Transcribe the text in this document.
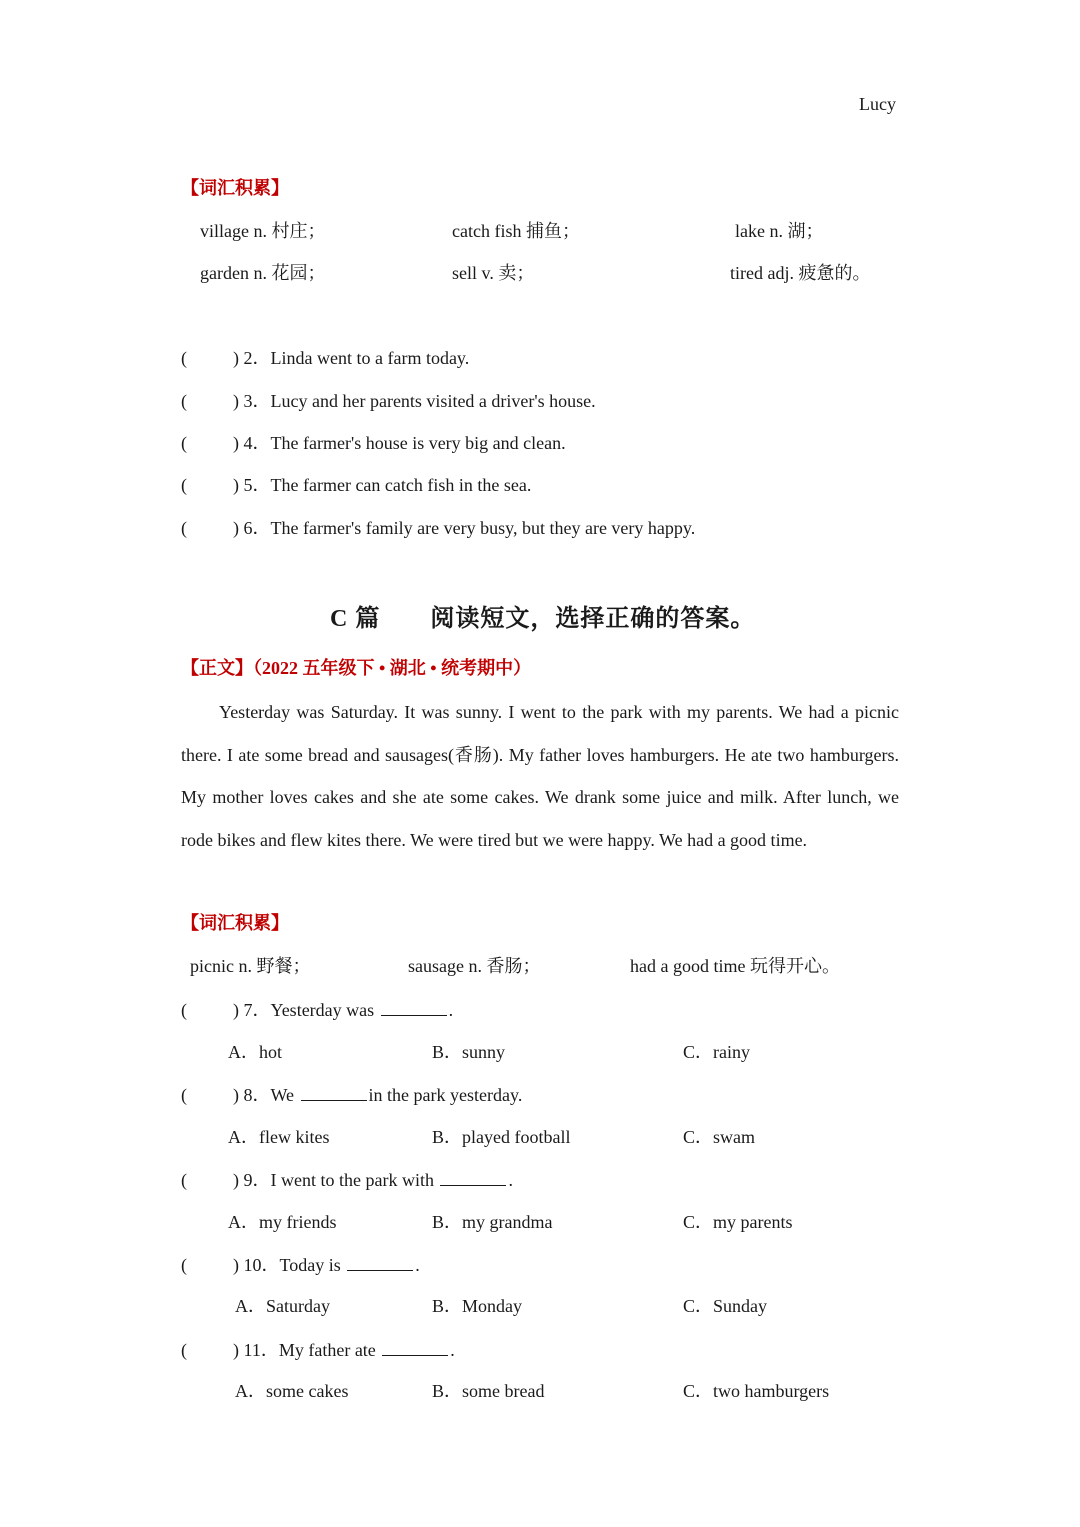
Lucy
【词汇积累】
village n. 村庄；	catch fish 捕鱼；	lake n. 湖；
garden n. 花园；	sell v. 卖；	tired adj. 疲惫的。
(	) 2．Linda went to a farm today.
(	) 3．Lucy and her parents visited a driver's house.
(	) 4．The farmer's house is very big and clean.
(	) 5．The farmer can catch fish in the sea.
(	) 6．The farmer's family are very busy, but they are very happy.
C 篇　　阅读短文，选择正确的答案。
【正文】（2022 五年级下 • 湖北 • 统考期中）
Yesterday was Saturday. It was sunny. I went to the park with my parents. We had a picnic there. I ate some bread and sausages(香肠). My father loves hamburgers. He ate two hamburgers. My mother loves cakes and she ate some cakes. We drank some juice and milk. After lunch, we rode bikes and flew kites there. We were tired but we were happy. We had a good time.
【词汇积累】
picnic n. 野餐；	sausage n. 香肠；	had a good time 玩得开心。
(	) 7．Yesterday was	.
A．hot	B．sunny	C．rainy
(	) 8．We	in the park yesterday.
A．flew kites	B．played football	C．swam
(	) 9．I went to the park with	.
A．my friends	B．my grandma	C．my parents
(	) 10．Today is	.
A．Saturday	B．Monday	C．Sunday
(	) 11．My father ate	.
A．some cakes	B．some bread	C．two hamburgers
